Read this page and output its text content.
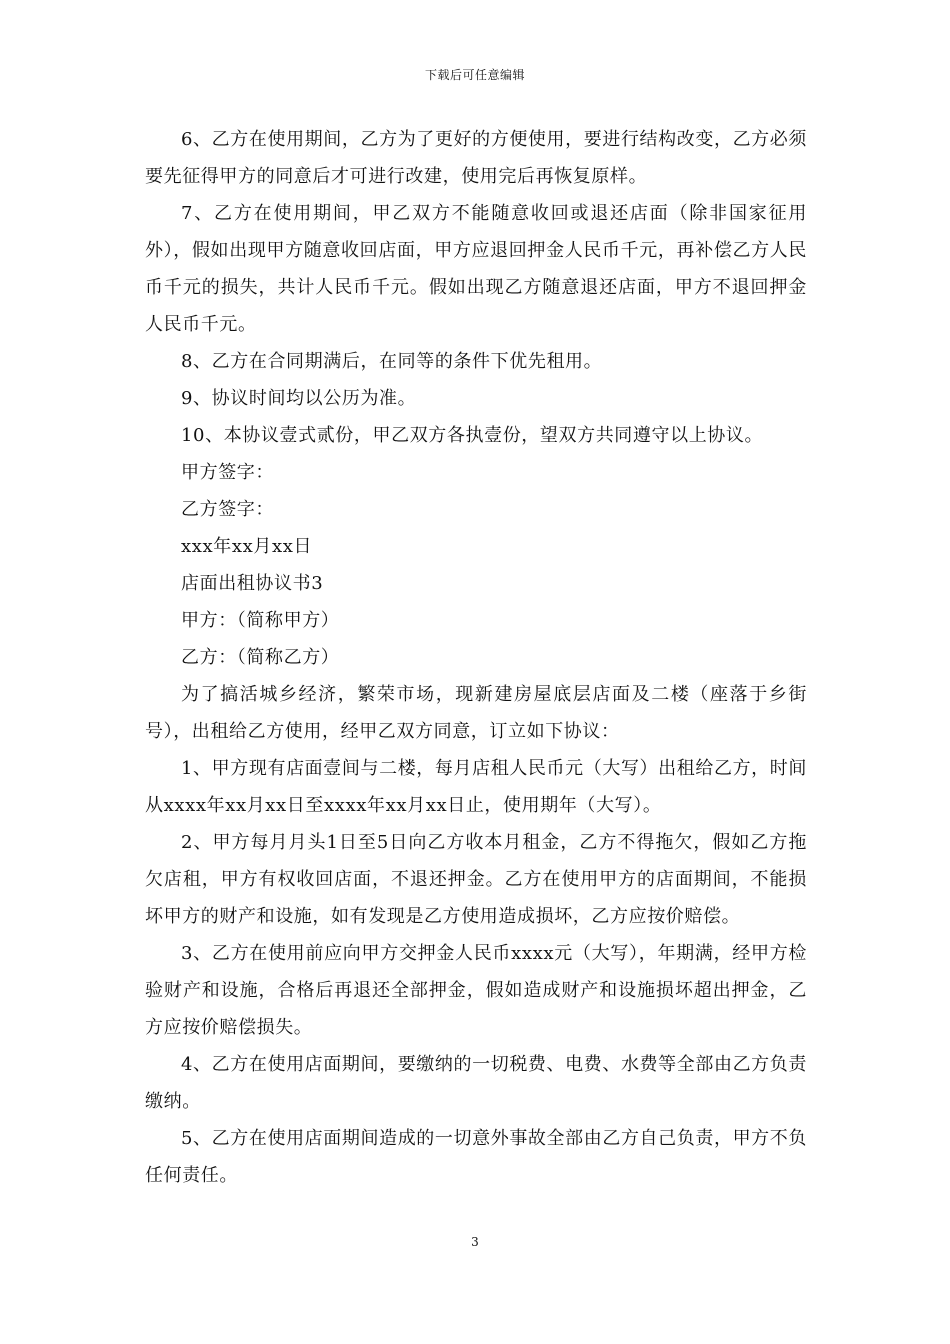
下载后可任意编辑

6、乙方在使用期间，乙方为了更好的方便使用，要进行结构改变，乙方必须要先征得甲方的同意后才可进行改建，使用完后再恢复原样。

7、乙方在使用期间，甲乙双方不能随意收回或退还店面（除非国家征用外），假如出现甲方随意收回店面，甲方应退回押金人民币千元，再补偿乙方人民币千元的损失，共计人民币千元。假如出现乙方随意退还店面，甲方不退回押金人民币千元。

8、乙方在合同期满后，在同等的条件下优先租用。

9、协议时间均以公历为准。

10、本协议壹式贰份，甲乙双方各执壹份，望双方共同遵守以上协议。

甲方签字：

乙方签字：

xxx年xx月xx日

店面出租协议书3

甲方：（简称甲方）

乙方：（简称乙方）

为了搞活城乡经济，繁荣市场，现新建房屋底层店面及二楼（座落于乡街号），出租给乙方使用，经甲乙双方同意，订立如下协议：

1、甲方现有店面壹间与二楼，每月店租人民币元（大写）出租给乙方，时间从xxxx年xx月xx日至xxxx年xx月xx日止，使用期年（大写）。

2、甲方每月月头1日至5日向乙方收本月租金，乙方不得拖欠，假如乙方拖欠店租，甲方有权收回店面，不退还押金。乙方在使用甲方的店面期间，不能损坏甲方的财产和设施，如有发现是乙方使用造成损坏，乙方应按价赔偿。

3、乙方在使用前应向甲方交押金人民币xxxx元（大写），年期满，经甲方检验财产和设施，合格后再退还全部押金，假如造成财产和设施损坏超出押金，乙方应按价赔偿损失。

4、乙方在使用店面期间，要缴纳的一切税费、电费、水费等全部由乙方负责缴纳。

5、乙方在使用店面期间造成的一切意外事故全部由乙方自己负责，甲方不负任何责任。

3
